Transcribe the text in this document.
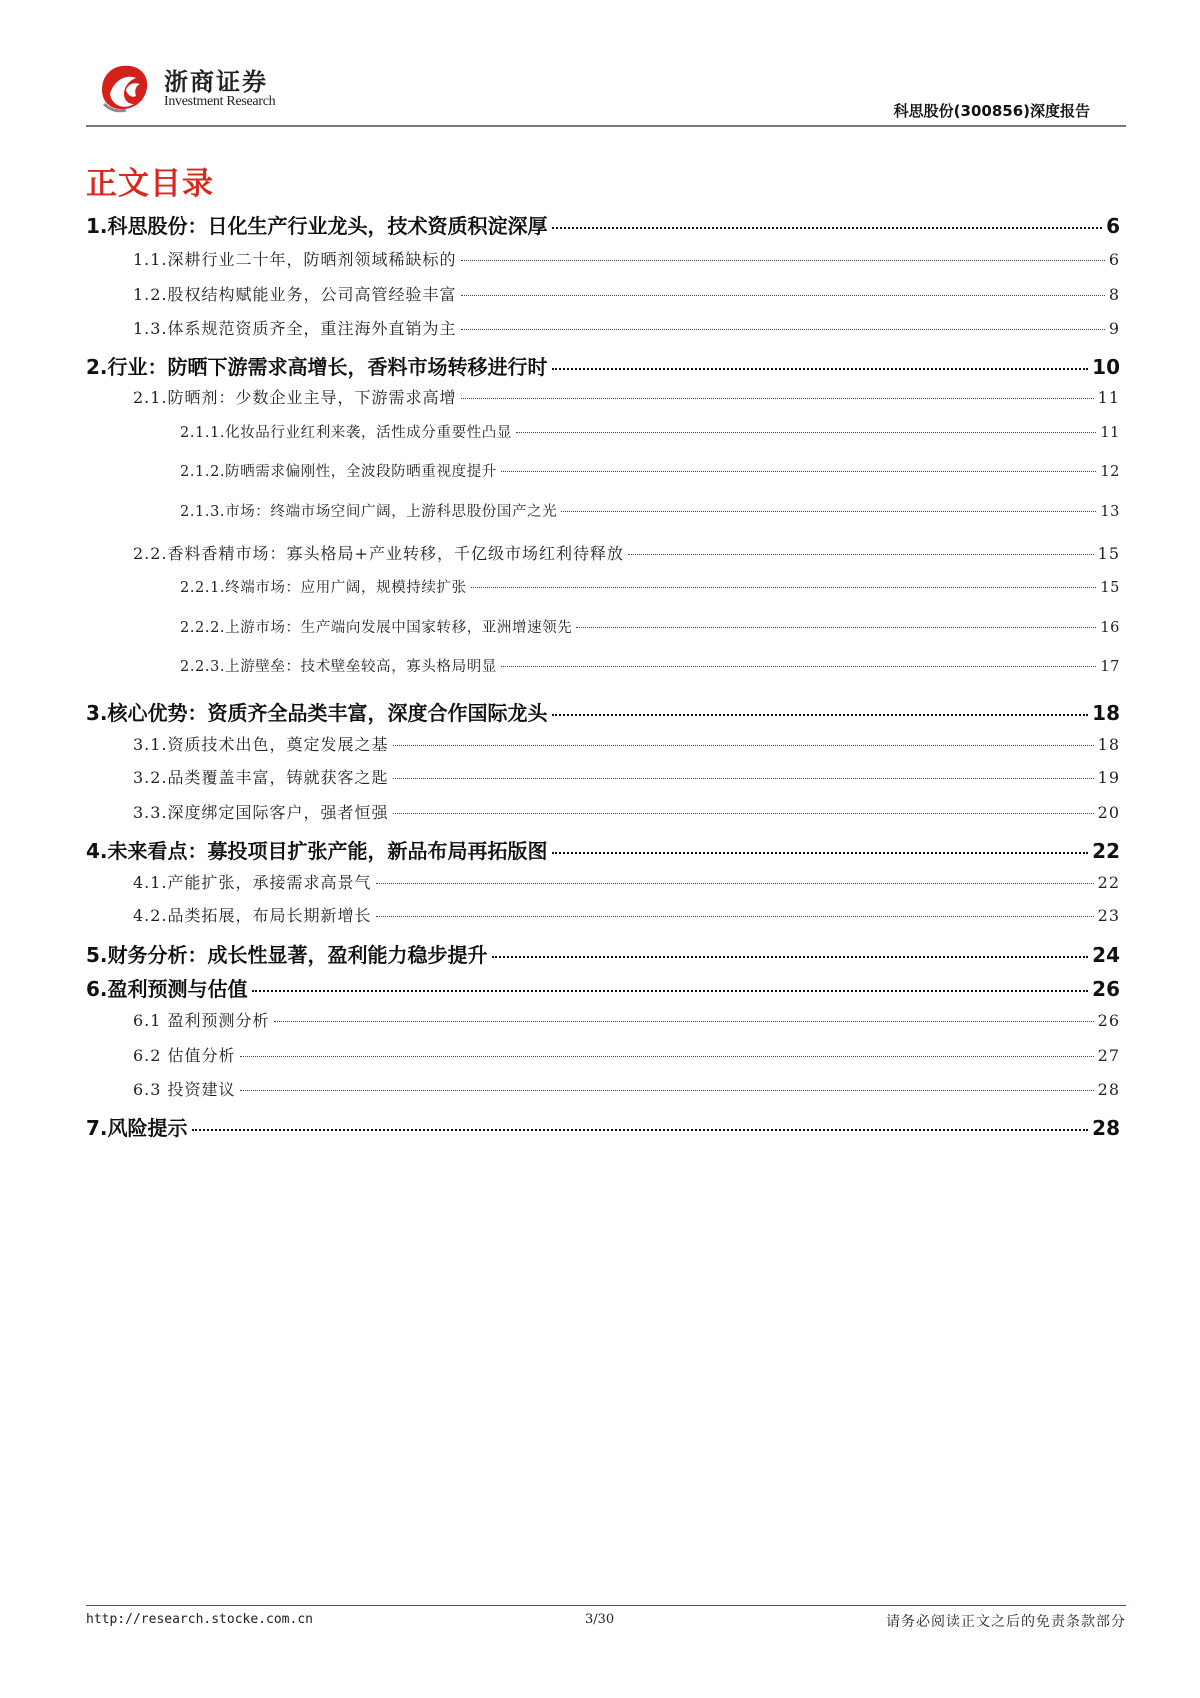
浙商证券
Investment Research
科思股份(300856)深度报告
正文目录
1.科思股份：日化生产行业龙头，技术资质积淀深厚	6
1.1.深耕行业二十年，防晒剂领域稀缺标的	6
1.2.股权结构赋能业务，公司高管经验丰富	8
1.3.体系规范资质齐全，重注海外直销为主	9
2.行业：防晒下游需求高增长，香料市场转移进行时	10
2.1.防晒剂：少数企业主导，下游需求高增	11
2.1.1.化妆品行业红利来袭，活性成分重要性凸显	11
2.1.2.防晒需求偏刚性，全波段防晒重视度提升	12
2.1.3.市场：终端市场空间广阔，上游科思股份国产之光	13
2.2.香料香精市场：寡头格局+产业转移，千亿级市场红利待释放	15
2.2.1.终端市场：应用广阔，规模持续扩张	15
2.2.2.上游市场：生产端向发展中国家转移，亚洲增速领先	16
2.2.3.上游壁垒：技术壁垒较高，寡头格局明显	17
3.核心优势：资质齐全品类丰富，深度合作国际龙头	18
3.1.资质技术出色，奠定发展之基	18
3.2.品类覆盖丰富，铸就获客之匙	19
3.3.深度绑定国际客户，强者恒强	20
4.未来看点：募投项目扩张产能，新品布局再拓版图	22
4.1.产能扩张，承接需求高景气	22
4.2.品类拓展，布局长期新增长	23
5.财务分析：成长性显著，盈利能力稳步提升	24
6.盈利预测与估值	26
6.1 盈利预测分析	26
6.2 估值分析	27
6.3 投资建议	28
7.风险提示	28
http://research.stocke.com.cn	3/30	请务必阅读正文之后的免责条款部分
